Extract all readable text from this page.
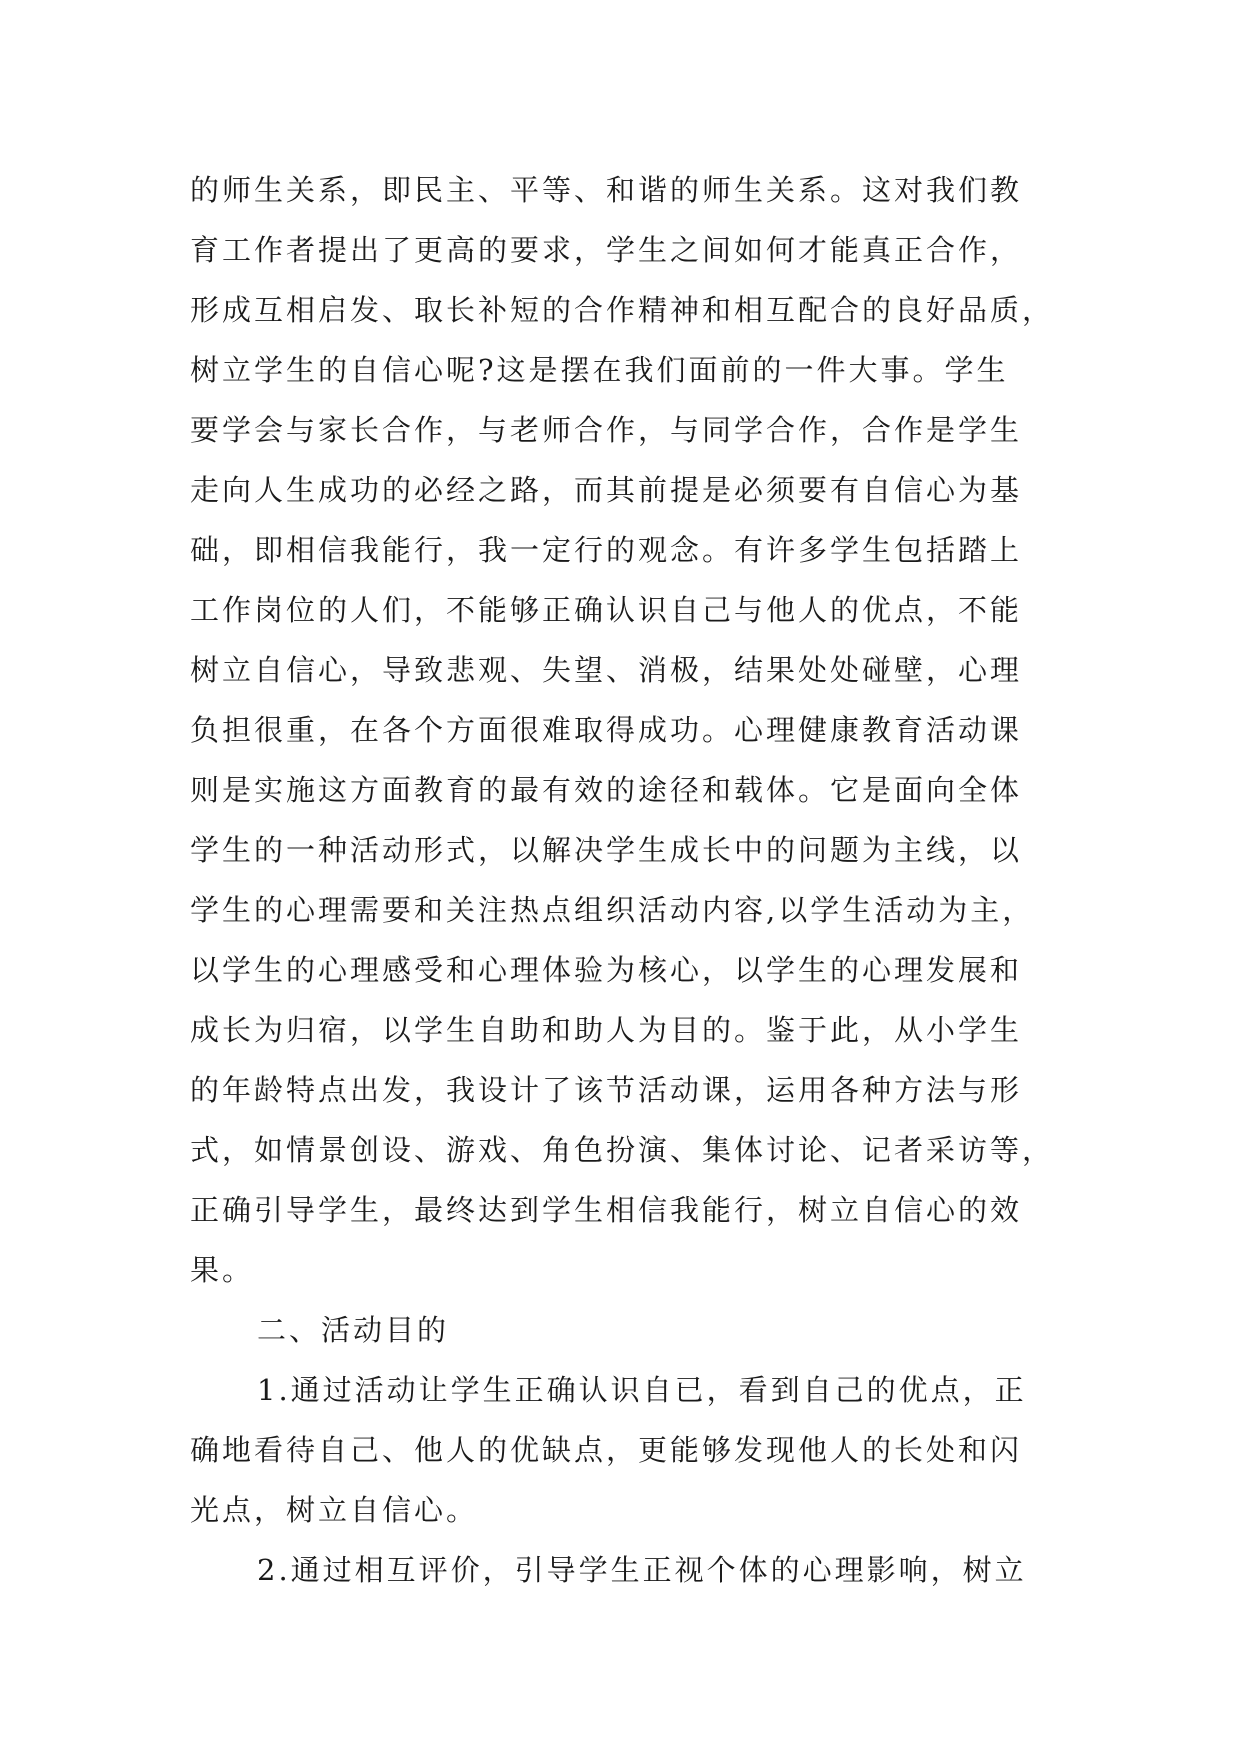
的师生关系，即民主、平等、和谐的师生关系。这对我们教
育工作者提出了更高的要求，学生之间如何才能真正合作，
形成互相启发、取长补短的合作精神和相互配合的良好品质，
树立学生的自信心呢?这是摆在我们面前的一件大事。学生
要学会与家长合作，与老师合作，与同学合作，合作是学生
走向人生成功的必经之路，而其前提是必须要有自信心为基
础，即相信我能行，我一定行的观念。有许多学生包括踏上
工作岗位的人们，不能够正确认识自己与他人的优点，不能
树立自信心，导致悲观、失望、消极，结果处处碰壁，心理
负担很重，在各个方面很难取得成功。心理健康教育活动课
则是实施这方面教育的最有效的途径和载体。它是面向全体
学生的一种活动形式，以解决学生成长中的问题为主线，以
学生的心理需要和关注热点组织活动内容,以学生活动为主，
以学生的心理感受和心理体验为核心，以学生的心理发展和
成长为归宿，以学生自助和助人为目的。鉴于此，从小学生
的年龄特点出发，我设计了该节活动课，运用各种方法与形
式，如情景创设、游戏、角色扮演、集体讨论、记者采访等，
正确引导学生，最终达到学生相信我能行，树立自信心的效
果。
二、活动目的
1.通过活动让学生正确认识自已，看到自己的优点，正
确地看待自己、他人的优缺点，更能够发现他人的长处和闪
光点，树立自信心。
2.通过相互评价，引导学生正视个体的心理影响，树立
